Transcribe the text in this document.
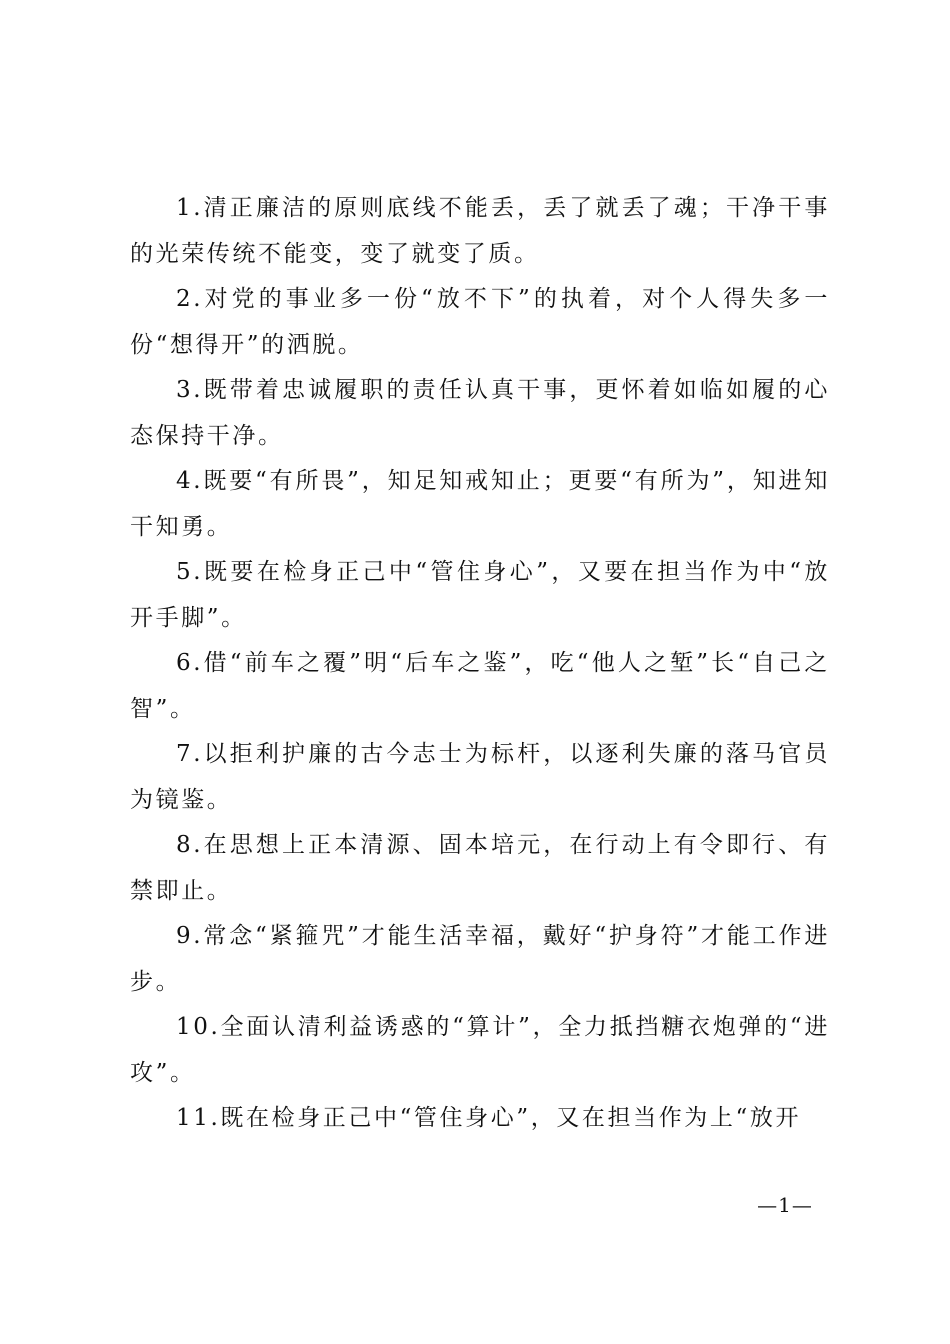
1.清正廉洁的原则底线不能丢，丢了就丢了魂；干净干事的光荣传统不能变，变了就变了质。

2.对党的事业多一份“放不下”的执着，对个人得失多一份“想得开”的洒脱。

3.既带着忠诚履职的责任认真干事，更怀着如临如履的心态保持干净。

4.既要“有所畏”，知足知戒知止；更要“有所为”，知进知干知勇。

5.既要在检身正己中“管住身心”，又要在担当作为中“放开手脚”。

6.借“前车之覆”明“后车之鉴”，吃“他人之堑”长“自己之智”。

7.以拒利护廉的古今志士为标杆，以逐利失廉的落马官员为镜鉴。

8.在思想上正本清源、固本培元，在行动上有令即行、有禁即止。

9.常念“紧箍咒”才能生活幸福，戴好“护身符”才能工作进步。

10.全面认清利益诱惑的“算计”，全力抵挡糖衣炮弹的“进攻”。

11.既在检身正己中“管住身心”，又在担当作为上“放开

—1—
